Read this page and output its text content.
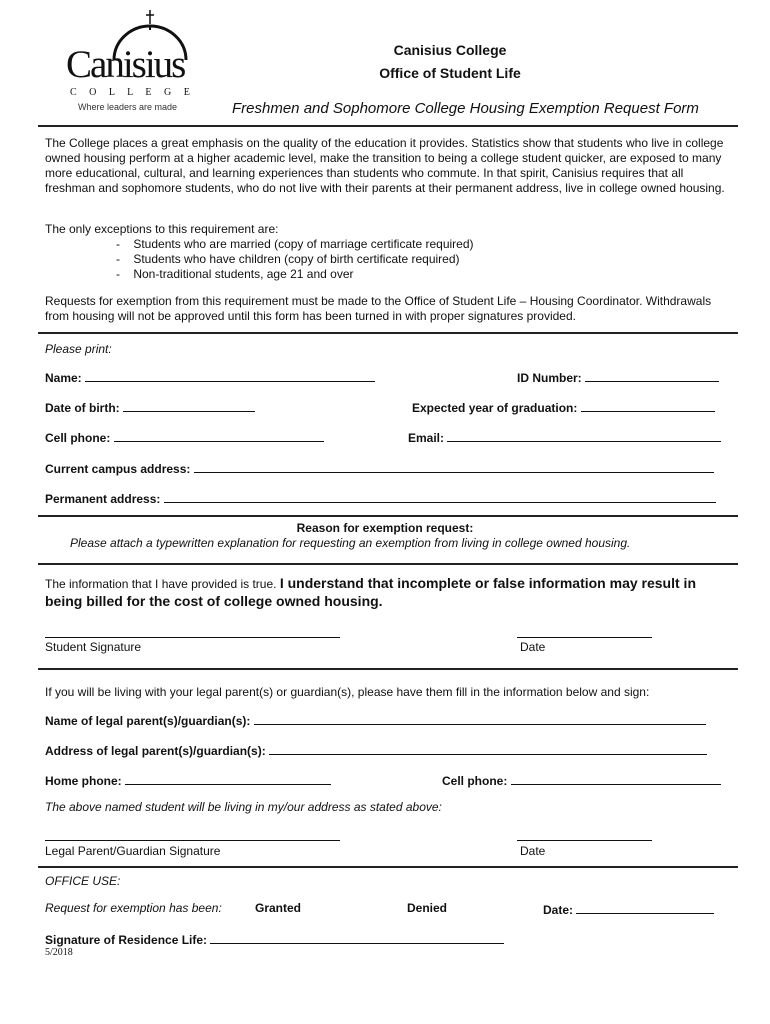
Canisius
C O L L E G E
Where leaders are made
Canisius College
Office of Student Life
Freshmen and Sophomore College Housing Exemption Request Form
The College places a great emphasis on the quality of the education it provides. Statistics show that students who live in college owned housing perform at a higher academic level, make the transition to being a college student quicker, are exposed to many more educational, cultural, and learning experiences than students who commute. In that spirit, Canisius requires that all freshman and sophomore students, who do not live with their parents at their permanent address, live in college owned housing.
The only exceptions to this requirement are:
-    Students who are married (copy of marriage certificate required)
-    Students who have children (copy of birth certificate required)
-    Non-traditional students, age 21 and over
Requests for exemption from this requirement must be made to the Office of Student Life – Housing Coordinator. Withdrawals from housing will not be approved until this form has been turned in with proper signatures provided.
Please print:
Name:	ID Number:
Date of birth:	Expected year of graduation:
Cell phone:	Email:
Current campus address:
Permanent address:
Reason for exemption request:
Please attach a typewritten explanation for requesting an exemption from living in college owned housing.
The information that I have provided is true. I understand that incomplete or false information may result in being billed for the cost of college owned housing.
Student Signature	Date
If you will be living with your legal parent(s) or guardian(s), please have them fill in the information below and sign:
Name of legal parent(s)/guardian(s):
Address of legal parent(s)/guardian(s):
Home phone:	Cell phone:
The above named student will be living in my/our address as stated above:
Legal Parent/Guardian Signature	Date
OFFICE USE:
Request for exemption has been:	Granted	Denied	Date:
Signature of Residence Life:
5/2018
